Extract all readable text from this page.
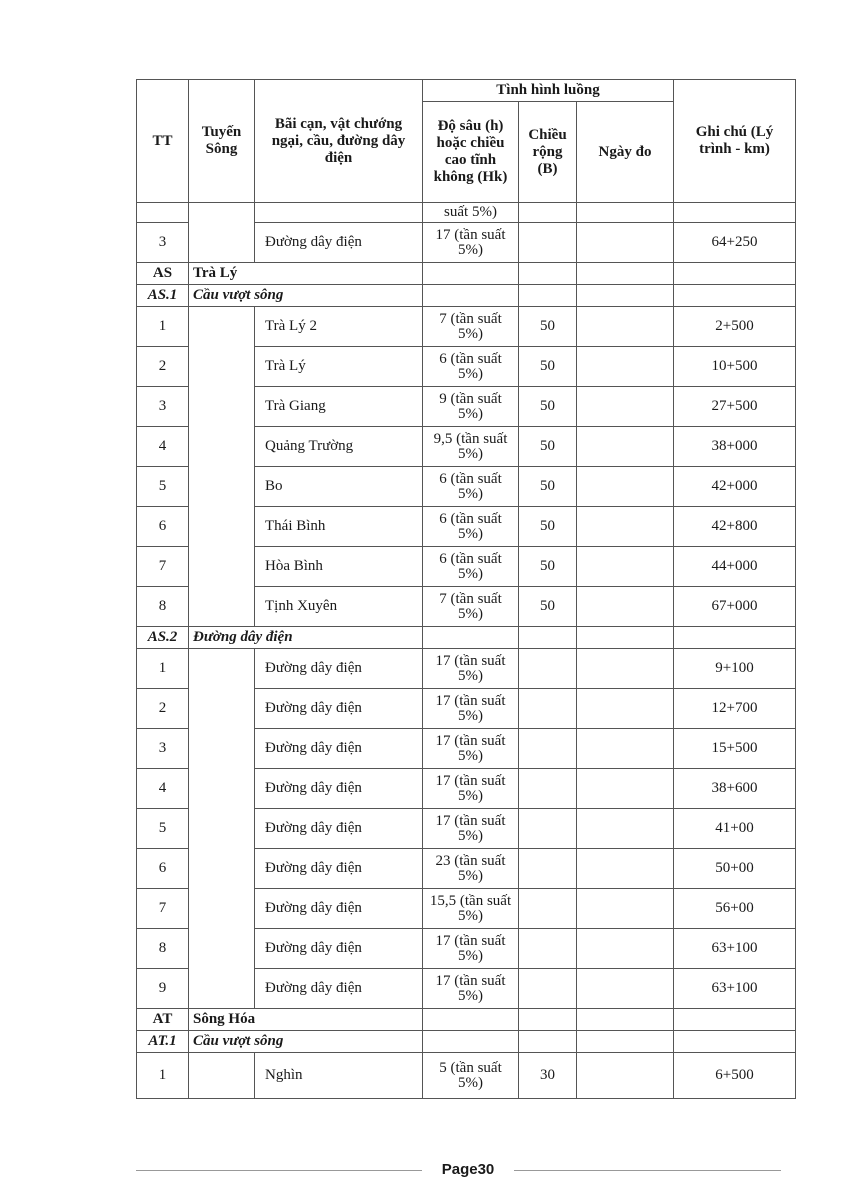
TT	Tuyến Sông	Bãi cạn, vật chướng ngại, cầu, đường dây điện	Tình hình luồng			Ghi chú (Lý trình - km)
			Độ sâu (h) hoặc chiều cao tĩnh không (Hk)	Chiều rộng (B)	Ngày đo	
			suất 5%)			
3		Đường dây điện	17 (tần suất 5%)			64+250
AS	Trà Lý					
AS.1	Cầu vượt sông					
1		Trà Lý 2	7 (tần suất 5%)	50		2+500
2		Trà Lý	6 (tần suất 5%)	50		10+500
3		Trà Giang	9 (tần suất 5%)	50		27+500
4		Quảng Trường	9,5 (tần suất 5%)	50		38+000
5		Bo	6 (tần suất 5%)	50		42+000
6		Thái Bình	6 (tần suất 5%)	50		42+800
7		Hòa Bình	6 (tần suất 5%)	50		44+000
8		Tịnh Xuyên	7 (tần suất 5%)	50		67+000
AS.2	Đường dây điện					
1		Đường dây điện	17 (tần suất 5%)			9+100
2		Đường dây điện	17 (tần suất 5%)			12+700
3		Đường dây điện	17 (tần suất 5%)			15+500
4		Đường dây điện	17 (tần suất 5%)			38+600
5		Đường dây điện	17 (tần suất 5%)			41+00
6		Đường dây điện	23 (tần suất 5%)			50+00
7		Đường dây điện	15,5 (tần suất 5%)			56+00
8		Đường dây điện	17 (tần suất 5%)			63+100
9		Đường dây điện	17 (tần suất 5%)			63+100
AT	Sông Hóa					
AT.1	Cầu vượt sông					
1		Nghìn	5 (tần suất 5%)	30		6+500
Page30
